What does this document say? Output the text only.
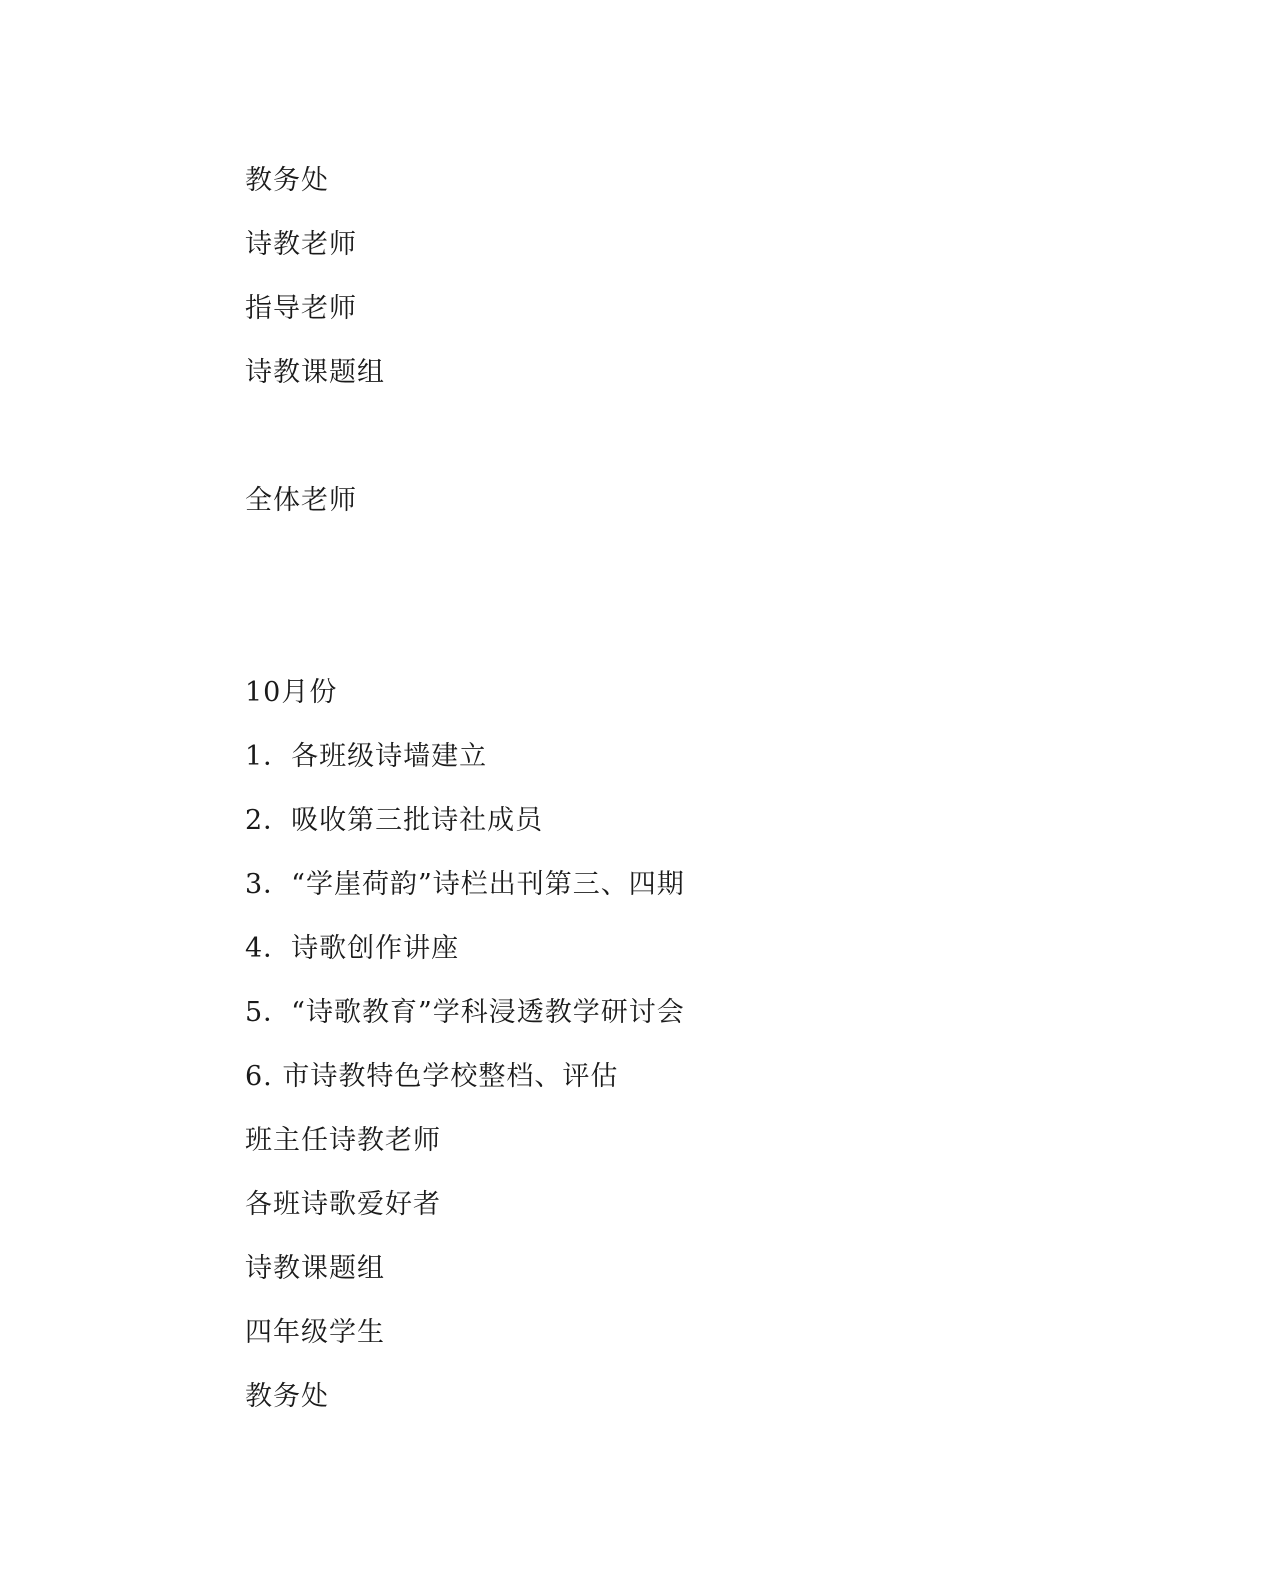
教务处
诗教老师
指导老师
诗教课题组
全体老师
10月份
1．各班级诗墙建立
2．吸收第三批诗社成员
3．“学崖荷韵”诗栏出刊第三、四期
4．诗歌创作讲座
5．“诗歌教育”学科浸透教学研讨会
6. 市诗教特色学校整档、评估
班主任诗教老师
各班诗歌爱好者
诗教课题组
四年级学生
教务处
